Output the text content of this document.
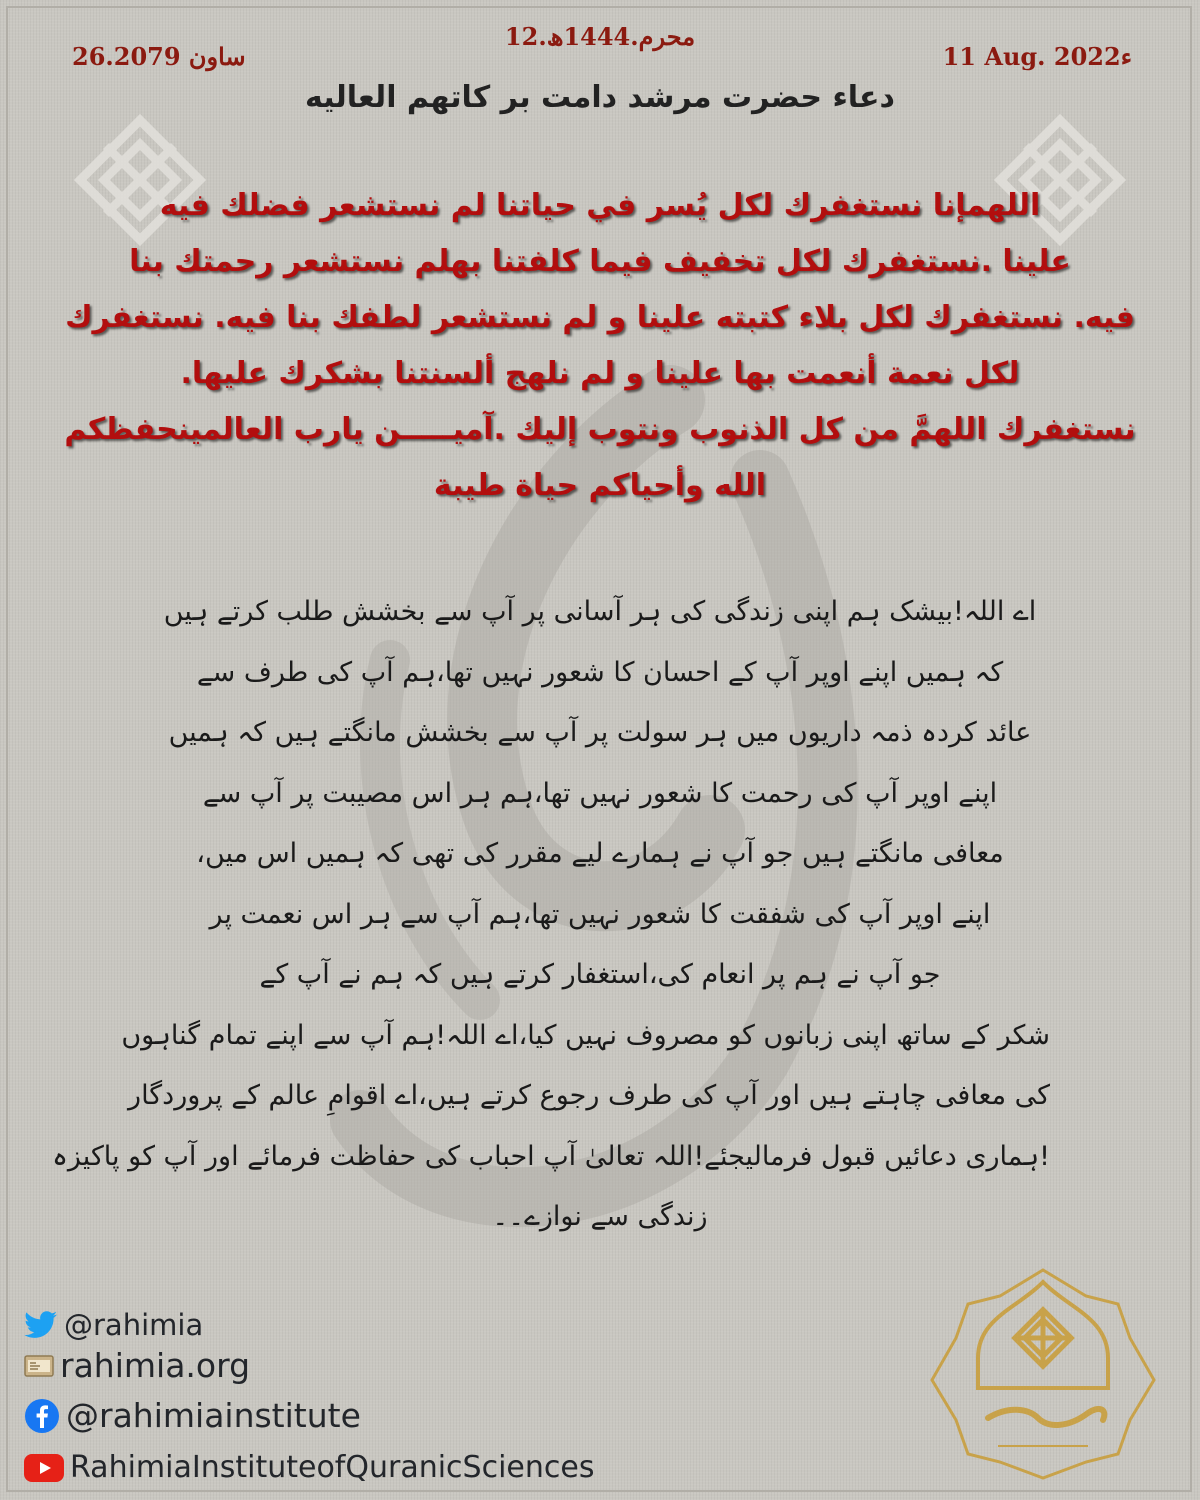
12.محرم.1444ھ
26.ساون 2079	11 Aug. 2022ء
دعاء حضرت مرشد دامت بر کاتهم العالیه
اللهمإنا نستغفرك لكل يُسر في حياتنا لم نستشعر فضلك فيه
علينا .نستغفرك لكل تخفيف فيما كلفتنا بهلم نستشعر رحمتك بنا
فيه. نستغفرك لكل بلاء كتبته علينا و لم نستشعر لطفك بنا فيه. نستغفرك
لكل نعمة أنعمت بها علينا و لم نلهج ألسنتنا بشكرك عليها.
نستغفرك اللهمَّ من كل الذنوب ونتوب إليك .آميـــــن يارب العالمينحفظكم
الله وأحياكم حياة طيبة
اے اللہ!بیشک ہم اپنی زندگی کی ہر آسانی پر آپ سے بخشش طلب کرتے ہیں
کہ ہمیں اپنے اوپر آپ کے احسان کا شعور نہیں تھا،ہم آپ کی طرف سے
عائد کردہ ذمہ داریوں میں ہر سولت پر آپ سے بخشش مانگتے ہیں کہ ہمیں
اپنے اوپر آپ کی رحمت کا شعور نہیں تھا،ہم ہر اس مصیبت پر آپ سے
معافی مانگتے ہیں جو آپ نے ہمارے لیے مقرر کی تھی کہ ہمیں اس میں،
اپنے اوپر آپ کی شفقت کا شعور نہیں تھا،ہم آپ سے ہر اس نعمت پر
جو آپ نے ہم پر انعام کی،استغفار کرتے ہیں کہ ہم نے آپ کے
شکر کے ساتھ اپنی زبانوں کو مصروف نہیں کیا،اے اللہ!ہم آپ سے اپنے تمام گناہوں
کی معافی چاہتے ہیں اور آپ کی طرف رجوع کرتے ہیں،اے اقوامِ عالم کے پروردگار
!ہماری دعائیں قبول فرمالیجئے!اللہ تعالیٰ آپ احباب کی حفاظت فرمائے اور آپ کو پاکیزہ
زندگی سے نوازے۔۔
@rahimia
rahimia.org
@rahimiainstitute
RahimiaInstituteofQuranicSciences
